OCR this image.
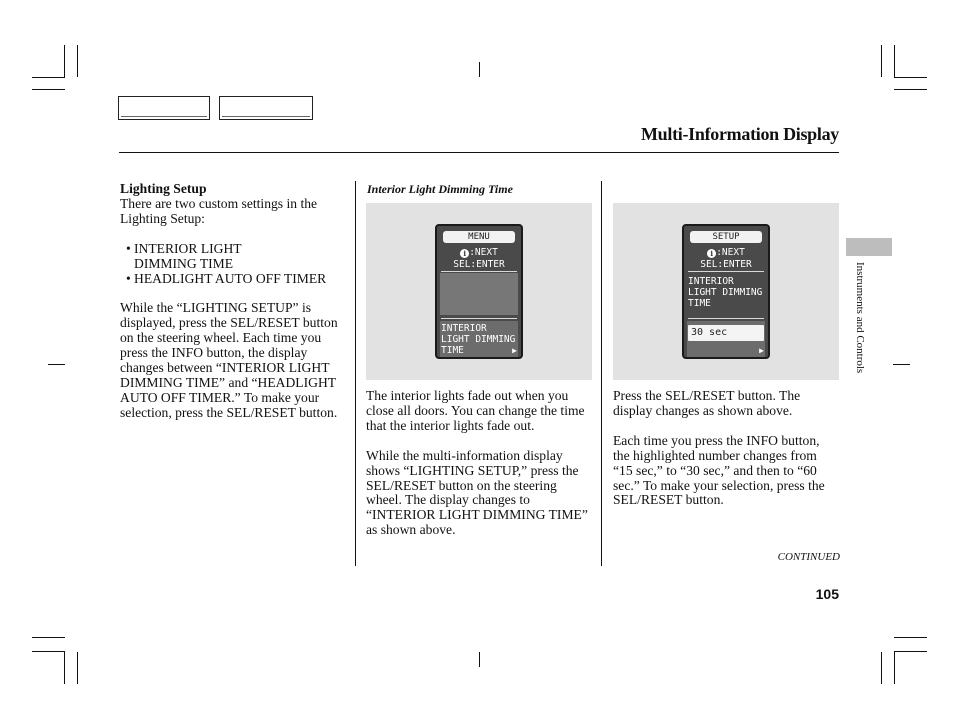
Multi-Information Display
Lighting Setup

There are two custom settings in the Lighting Setup:

• INTERIOR LIGHT DIMMING TIME
• HEADLIGHT AUTO OFF TIMER

While the “LIGHTING SETUP” is displayed, press the SEL/RESET button on the steering wheel. Each time you press the INFO button, the display changes between “INTERIOR LIGHT DIMMING TIME” and “HEADLIGHT AUTO OFF TIMER.” To make your selection, press the SEL/RESET button.

Interior Light Dimming Time
MENU
i :NEXT
SEL:ENTER
INTERIOR
LIGHT DIMMING
TIME	▶
SETUP
i :NEXT
SEL:ENTER
INTERIOR
LIGHT DIMMING
TIME
30 sec
▶

The interior lights fade out when you close all doors. You can change the time that the interior lights fade out.

While the multi-information display shows “LIGHTING SETUP,” press the SEL/RESET button on the steering wheel. The display changes to “INTERIOR LIGHT DIMMING TIME” as shown above.

Press the SEL/RESET button. The display changes as shown above.

Each time you press the INFO button, the highlighted number changes from “15 sec,” to “30 sec,” and then to “60 sec.” To make your selection, press the SEL/RESET button.

Instruments and Controls
CONTINUED
105
